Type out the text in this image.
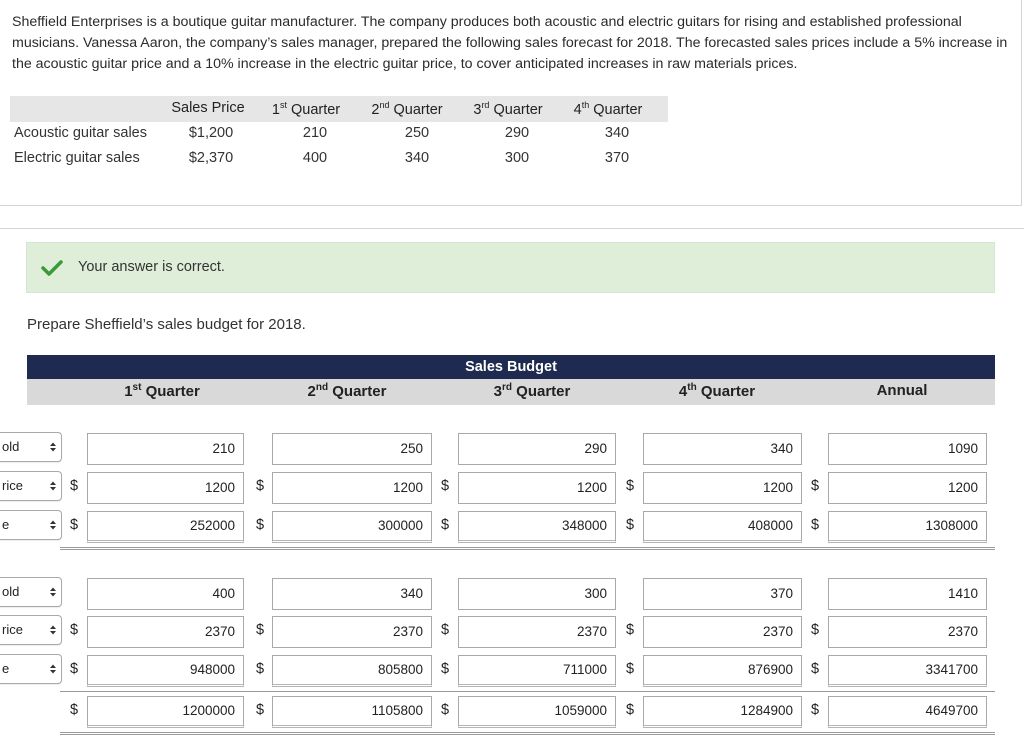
Sheffield Enterprises is a boutique guitar manufacturer. The company produces both acoustic and electric guitars for rising and established professional musicians. Vanessa Aaron, the company’s sales manager, prepared the following sales forecast for 2018. The forecasted sales prices include a 5% increase in the acoustic guitar price and a 10% increase in the electric guitar price, to cover anticipated increases in raw materials prices.
Sales Price	1st Quarter	2nd Quarter	3rd Quarter	4th Quarter
Acoustic guitar sales	$1,200	210	250	290	340
Electric guitar sales	$2,370	400	340	300	370
Your answer is correct.
Prepare Sheffield’s sales budget for 2018.
Sales Budget
1st Quarter	2nd Quarter	3rd Quarter	4th Quarter	Annual
old	210	250	290	340	1090
rice	$	1200	$	1200	$	1200	$	1200	$	1200
e	$	252000	$	300000	$	348000	$	408000	$	1308000
old	400	340	300	370	1410
rice	$	2370	$	2370	$	2370	$	2370	$	2370
e	$	948000	$	805800	$	711000	$	876900	$	3341700
$	1200000	$	1105800	$	1059000	$	1284900	$	4649700
